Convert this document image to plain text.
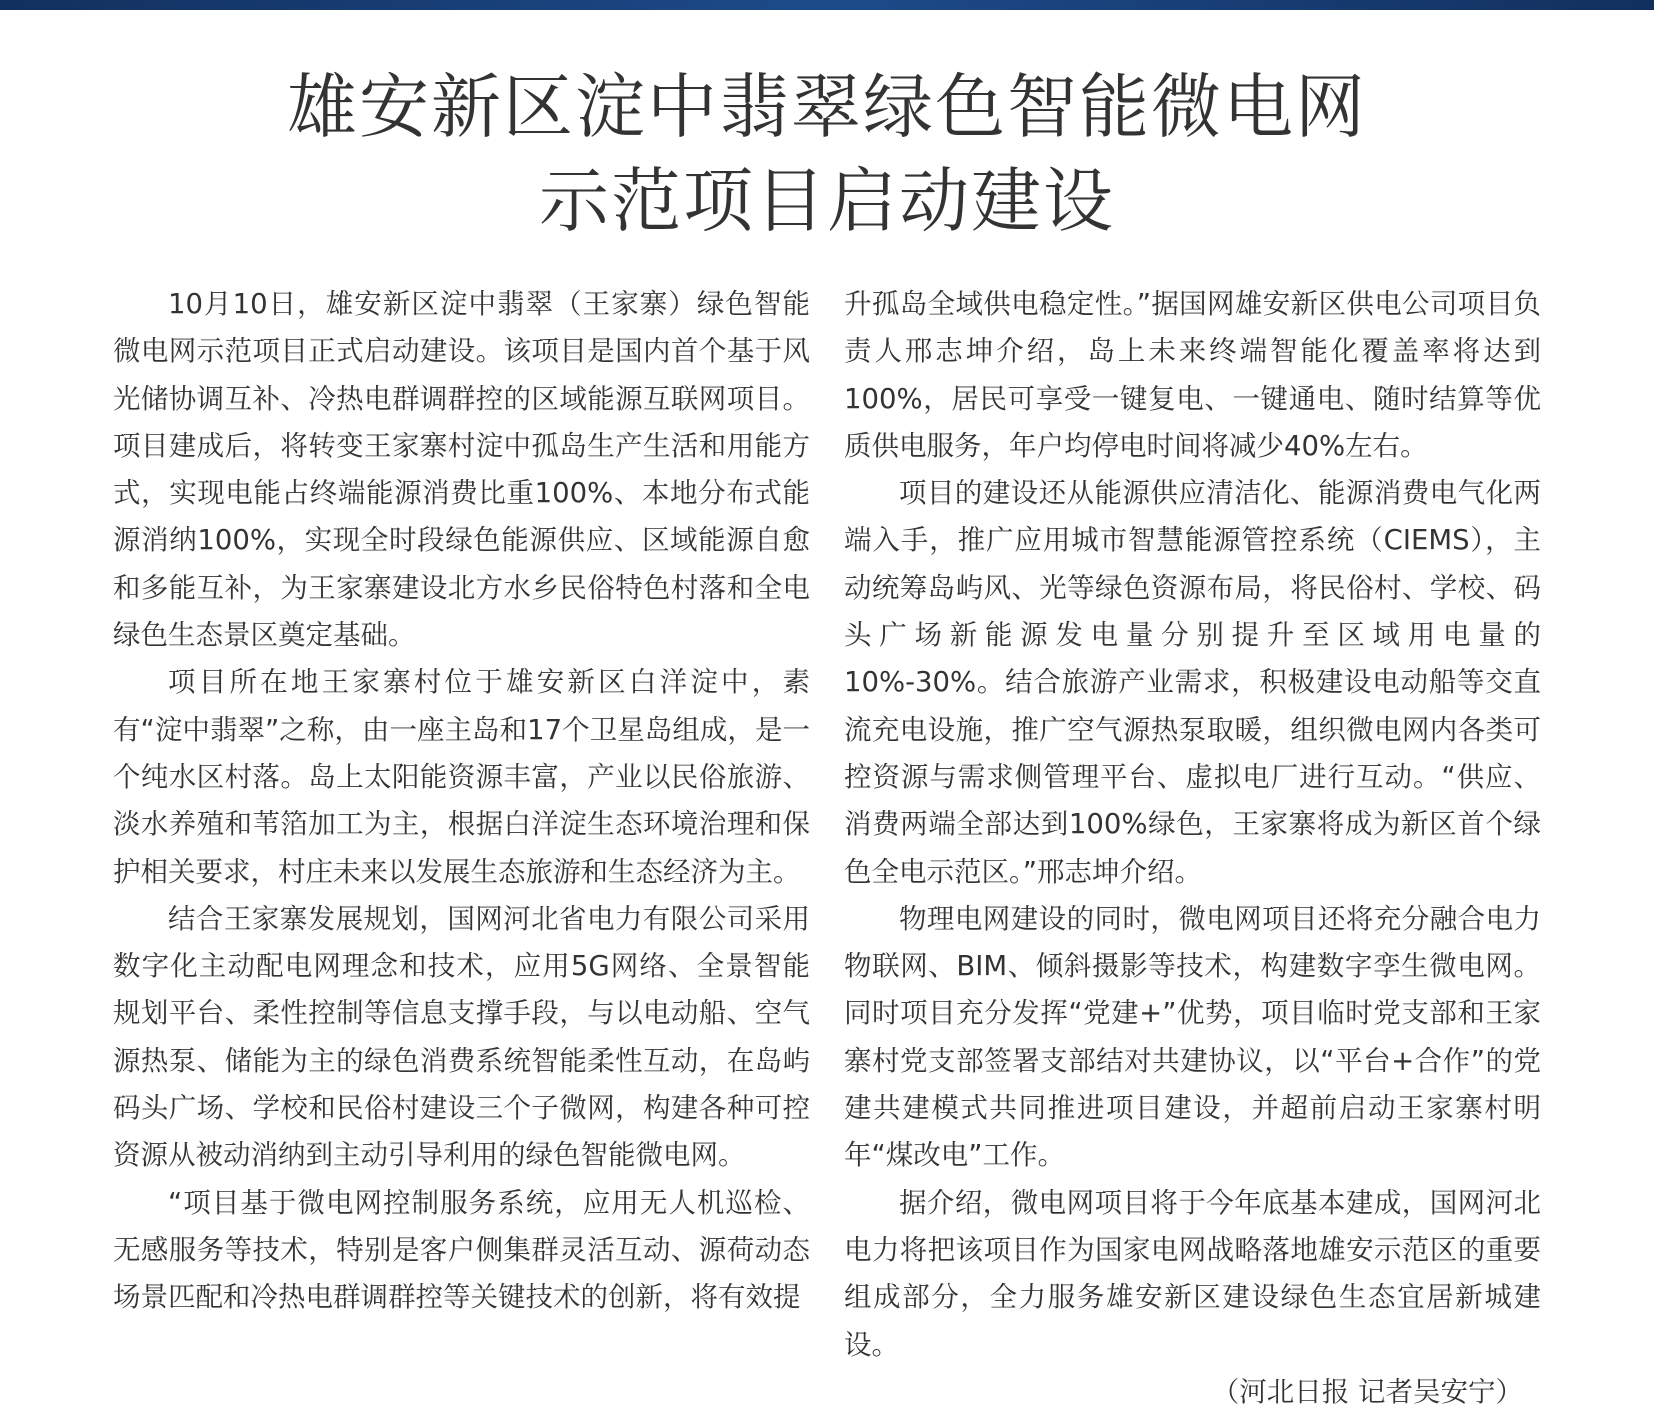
雄安新区淀中翡翠绿色智能微电网
示范项目启动建设

10月10日，雄安新区淀中翡翠（王家寨）绿色智能微电网示范项目正式启动建设。该项目是国内首个基于风光储协调互补、冷热电群调群控的区域能源互联网项目。项目建成后，将转变王家寨村淀中孤岛生产生活和用能方式，实现电能占终端能源消费比重100%、本地分布式能源消纳100%，实现全时段绿色能源供应、区域能源自愈和多能互补，为王家寨建设北方水乡民俗特色村落和全电绿色生态景区奠定基础。

项目所在地王家寨村位于雄安新区白洋淀中，素有“淀中翡翠”之称，由一座主岛和17个卫星岛组成，是一个纯水区村落。岛上太阳能资源丰富，产业以民俗旅游、淡水养殖和苇箔加工为主，根据白洋淀生态环境治理和保护相关要求，村庄未来以发展生态旅游和生态经济为主。

结合王家寨发展规划，国网河北省电力有限公司采用数字化主动配电网理念和技术，应用5G网络、全景智能规划平台、柔性控制等信息支撑手段，与以电动船、空气源热泵、储能为主的绿色消费系统智能柔性互动，在岛屿码头广场、学校和民俗村建设三个子微网，构建各种可控资源从被动消纳到主动引导利用的绿色智能微电网。

“项目基于微电网控制服务系统，应用无人机巡检、无感服务等技术，特别是客户侧集群灵活互动、源荷动态场景匹配和冷热电群调群控等关键技术的创新，将有效提

升孤岛全域供电稳定性。”据国网雄安新区供电公司项目负责人邢志坤介绍，岛上未来终端智能化覆盖率将达到100%，居民可享受一键复电、一键通电、随时结算等优质供电服务，年户均停电时间将减少40%左右。

项目的建设还从能源供应清洁化、能源消费电气化两端入手，推广应用城市智慧能源管控系统（CIEMS），主动统筹岛屿风、光等绿色资源布局，将民俗村、学校、码头广场新能源发电量分别提升至区域用电量的10%-30%。结合旅游产业需求，积极建设电动船等交直流充电设施，推广空气源热泵取暖，组织微电网内各类可控资源与需求侧管理平台、虚拟电厂进行互动。“供应、消费两端全部达到100%绿色，王家寨将成为新区首个绿色全电示范区。”邢志坤介绍。

物理电网建设的同时，微电网项目还将充分融合电力物联网、BIM、倾斜摄影等技术，构建数字孪生微电网。同时项目充分发挥“党建+”优势，项目临时党支部和王家寨村党支部签署支部结对共建协议，以“平台+合作”的党建共建模式共同推进项目建设，并超前启动王家寨村明年“煤改电”工作。

据介绍，微电网项目将于今年底基本建成，国网河北电力将把该项目作为国家电网战略落地雄安示范区的重要组成部分，全力服务雄安新区建设绿色生态宜居新城建设。

（河北日报 记者吴安宁）
